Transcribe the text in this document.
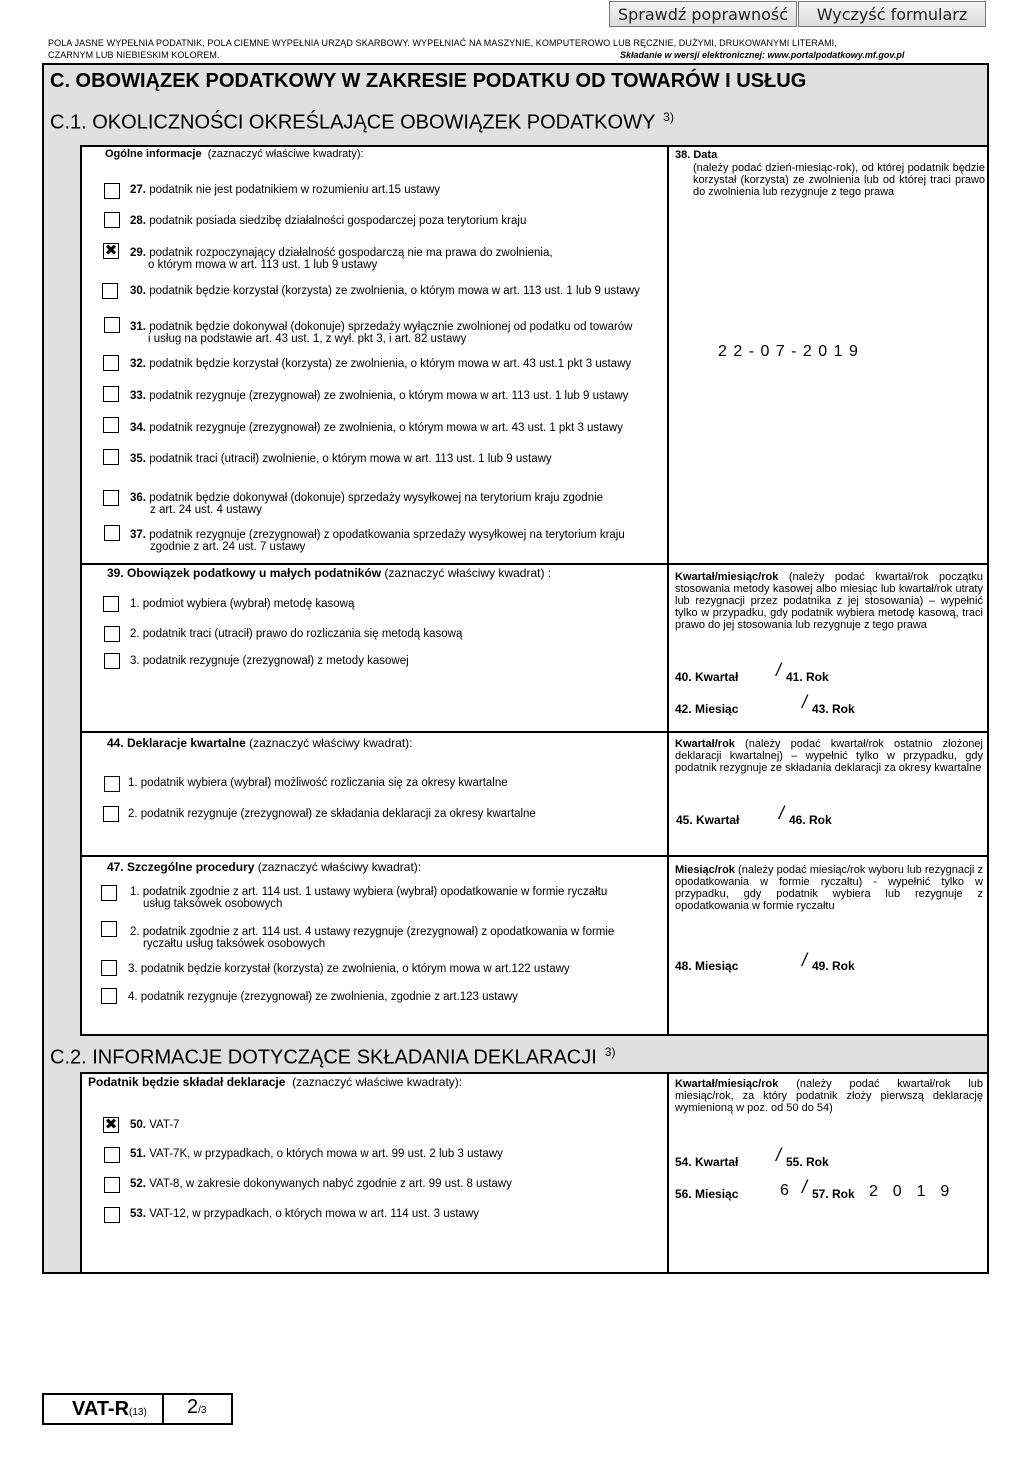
Sprawdź poprawność	Wyczyść formularz
POLA JASNE WYPEŁNIA PODATNIK, POLA CIEMNE WYPEŁNIA URZĄD SKARBOWY. WYPEŁNIAĆ NA MASZYNIE, KOMPUTEROWO LUB RĘCZNIE, DUŻYMI, DRUKOWANYMI LITERAMI,
CZARNYM LUB NIEBIESKIM KOLOREM.	Składanie w wersji elektronicznej: www.portalpodatkowy.mf.gov.pl
C. OBOWIĄZEK PODATKOWY W ZAKRESIE PODATKU OD TOWARÓW I USŁUG
C.1. OKOLICZNOŚCI OKREŚLAJĄCE OBOWIĄZEK PODATKOWY $^{3)}$
Ogólne informacje (zaznaczyć właściwe kwadraty):
27. podatnik nie jest podatnikiem w rozumieniu art.15 ustawy
28. podatnik posiada siedzibę działalności gospodarczej poza terytorium kraju
✖ 29. podatnik rozpoczynający działalność gospodarczą nie ma prawa do zwolnienia,
o którym mowa w art. 113 ust. 1 lub 9 ustawy
30. podatnik będzie korzystał (korzysta) ze zwolnienia, o którym mowa w art. 113 ust. 1 lub 9 ustawy
31. podatnik będzie dokonywał (dokonuje) sprzedaży wyłącznie zwolnionej od podatku od towarów
i usług na podstawie art. 43 ust. 1, z wył. pkt 3, i art. 82 ustawy
32. podatnik będzie korzystał (korzysta) ze zwolnienia, o którym mowa w art. 43 ust.1 pkt 3 ustawy
33. podatnik rezygnuje (zrezygnował) ze zwolnienia, o którym mowa w art. 113 ust. 1 lub 9 ustawy
34. podatnik rezygnuje (zrezygnował) ze zwolnienia, o którym mowa w art. 43 ust. 1 pkt 3 ustawy
35. podatnik traci (utracił) zwolnienie, o którym mowa w art. 113 ust. 1 lub 9 ustawy
36. podatnik będzie dokonywał (dokonuje) sprzedaży wysyłkowej na terytorium kraju zgodnie
z art. 24 ust. 4 ustawy
37. podatnik rezygnuje (zrezygnował) z opodatkowania sprzedaży wysyłkowej na terytorium kraju
zgodnie z art. 24 ust. 7 ustawy
38. Data
(należy podać dzień-miesiąc-rok), od której podatnik będzie korzystał (korzysta) ze zwolnienia lub od której traci prawo do zwolnienia lub rezygnuje z tego prawa
2 2 - 0 7 - 2 0 1 9
39. Obowiązek podatkowy u małych podatników (zaznaczyć właściwy kwadrat) :
1. podmiot wybiera (wybrał) metodę kasową
2. podatnik traci (utracił) prawo do rozliczania się metodą kasową
3. podatnik rezygnuje (zrezygnował) z metody kasowej
Kwartał/miesiąc/rok (należy podać kwartał/rok początku stosowania metody kasowej albo miesiąc lub kwartał/rok utraty lub rezygnacji przez podatnika z jej stosowania) – wypełnić tylko w przypadku, gdy podatnik wybiera metodę kasową, traci prawo do jej stosowania lub rezygnuje z tego prawa
40. Kwartał / 41. Rok
42. Miesiąc	/ 43. Rok
44. Deklaracje kwartalne (zaznaczyć właściwy kwadrat):
1. podatnik wybiera (wybrał) możliwość rozliczania się za okresy kwartalne
2. podatnik rezygnuje (zrezygnował) ze składania deklaracji za okresy kwartalne
Kwartał/rok (należy podać kwartał/rok ostatnio złożonej deklaracji kwartalnej) – wypełnić tylko w przypadku, gdy podatnik rezygnuje ze składania deklaracji za okresy kwartalne
45. Kwartał / 46. Rok
47. Szczególne procedury (zaznaczyć właściwy kwadrat):
1. podatnik zgodnie z art. 114 ust. 1 ustawy wybiera (wybrał) opodatkowanie w formie ryczałtu
usług taksówek osobowych
2. podatnik zgodnie z art. 114 ust. 4 ustawy rezygnuje (zrezygnował) z opodatkowania w formie
ryczałtu usług taksówek osobowych
3. podatnik będzie korzystał (korzysta) ze zwolnienia, o którym mowa w art.122 ustawy
4. podatnik rezygnuje (zrezygnował) ze zwolnienia, zgodnie z art.123 ustawy
Miesiąc/rok (należy podać miesiąc/rok wyboru lub rezygnacji z opodatkowania w formie ryczałtu) - wypełnić tylko w przypadku, gdy podatnik wybiera lub rezygnuje z opodatkowania w formie ryczałtu
48. Miesiąc	/ 49. Rok
C.2. INFORMACJE DOTYCZĄCE SKŁADANIA DEKLARACJI $^{3)}$
Podatnik będzie składał deklaracje (zaznaczyć właściwe kwadraty):
✖ 50. VAT-7
51. VAT-7K, w przypadkach, o których mowa w art. 99 ust. 2 lub 3 ustawy
52. VAT-8, w zakresie dokonywanych nabyć zgodnie z art. 99 ust. 8 ustawy
53. VAT-12, w przypadkach, o których mowa w art. 114 ust. 3 ustawy
Kwartał/miesiąc/rok (należy podać kwartał/rok lub miesiąc/rok, za który podatnik złoży pierwszą deklarację wymienioną w poz. od 50 do 54)
54. Kwartał / 55. Rok
56. Miesiąc	6 / 57. Rok 2  0  1  9
VAT-R(13) 2/3
